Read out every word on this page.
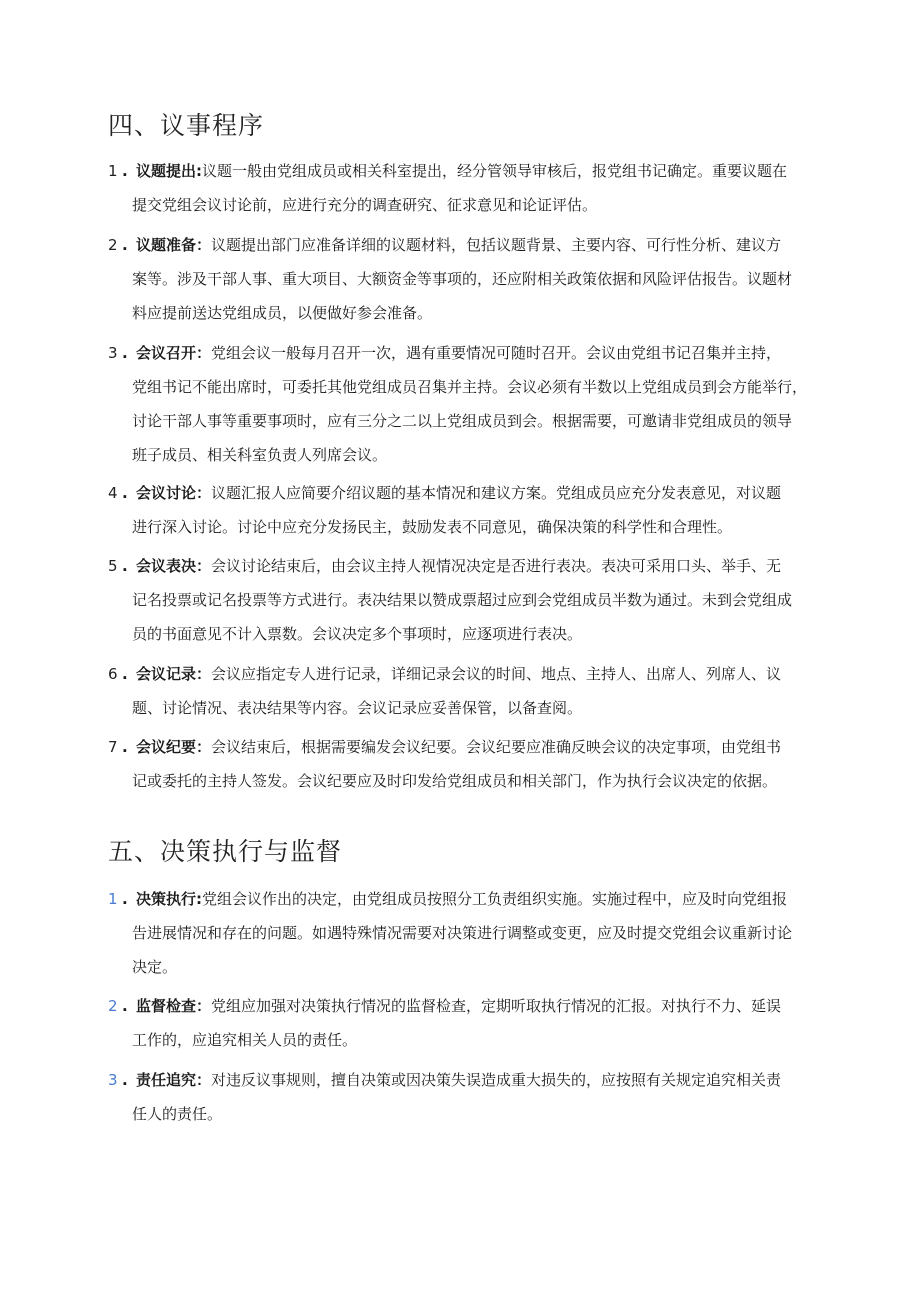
四、议事程序
1 . 议题提出:议题一般由党组成员或相关科室提出，经分管领导审核后，报党组书记确定。重要议题在
提交党组会议讨论前，应进行充分的调查研究、征求意见和论证评估。
2 . 议题准备：议题提出部门应准备详细的议题材料，包括议题背景、主要内容、可行性分析、建议方
案等。涉及干部人事、重大项目、大额资金等事项的，还应附相关政策依据和风险评估报告。议题材
料应提前送达党组成员，以便做好参会准备。
3 . 会议召开：党组会议一般每月召开一次，遇有重要情况可随时召开。会议由党组书记召集并主持，
党组书记不能出席时，可委托其他党组成员召集并主持。会议必须有半数以上党组成员到会方能举行，
讨论干部人事等重要事项时，应有三分之二以上党组成员到会。根据需要，可邀请非党组成员的领导
班子成员、相关科室负责人列席会议。
4 . 会议讨论：议题汇报人应简要介绍议题的基本情况和建议方案。党组成员应充分发表意见，对议题
进行深入讨论。讨论中应充分发扬民主，鼓励发表不同意见，确保决策的科学性和合理性。
5 . 会议表决：会议讨论结束后，由会议主持人视情况决定是否进行表决。表决可采用口头、举手、无
记名投票或记名投票等方式进行。表决结果以赞成票超过应到会党组成员半数为通过。未到会党组成
员的书面意见不计入票数。会议决定多个事项时，应逐项进行表决。
6 . 会议记录：会议应指定专人进行记录，详细记录会议的时间、地点、主持人、出席人、列席人、议
题、讨论情况、表决结果等内容。会议记录应妥善保管，以备查阅。
7 . 会议纪要：会议结束后，根据需要编发会议纪要。会议纪要应准确反映会议的决定事项，由党组书
记或委托的主持人签发。会议纪要应及时印发给党组成员和相关部门，作为执行会议决定的依据。
五、决策执行与监督
1 . 决策执行:党组会议作出的决定，由党组成员按照分工负责组织实施。实施过程中，应及时向党组报
告进展情况和存在的问题。如遇特殊情况需要对决策进行调整或变更，应及时提交党组会议重新讨论
决定。
2 . 监督检查：党组应加强对决策执行情况的监督检查，定期听取执行情况的汇报。对执行不力、延误
工作的，应追究相关人员的责任。
3 . 责任追究：对违反议事规则，擅自决策或因决策失误造成重大损失的，应按照有关规定追究相关责
任人的责任。
